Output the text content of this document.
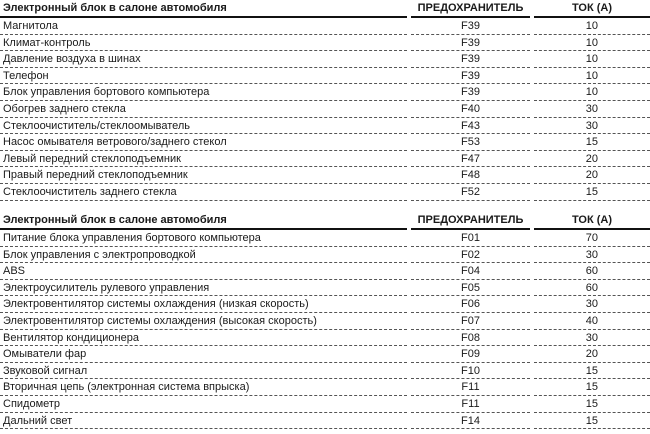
Электронный блок в салоне автомобиля	ПРЕДОХРАНИТЕЛЬ	ТОК (А)
Магнитола	F39	10
Климат-контроль	F39	10
Давление воздуха в шинах	F39	10
Телефон	F39	10
Блок управления бортового компьютера	F39	10
Обогрев заднего стекла	F40	30
Стеклоочиститель/стеклоомыватель	F43	30
Насос омывателя ветрового/заднего стекол	F53	15
Левый передний стеклоподъемник	F47	20
Правый передний стеклоподъемник	F48	20
Стеклоочиститель заднего стекла	F52	15
Электронный блок в салоне автомобиля	ПРЕДОХРАНИТЕЛЬ	ТОК (А)
Питание блока управления бортового компьютера	F01	70
Блок управления с электропроводкой	F02	30
ABS	F04	60
Электроусилитель рулевого управления	F05	60
Электровентилятор системы охлаждения (низкая скорость)	F06	30
Электровентилятор системы охлаждения (высокая скорость)	F07	40
Вентилятор кондиционера	F08	30
Омыватели фар	F09	20
Звуковой сигнал	F10	15
Вторичная цепь (электронная система впрыска)	F11	15
Спидометр	F11	15
Дальний свет	F14	15
